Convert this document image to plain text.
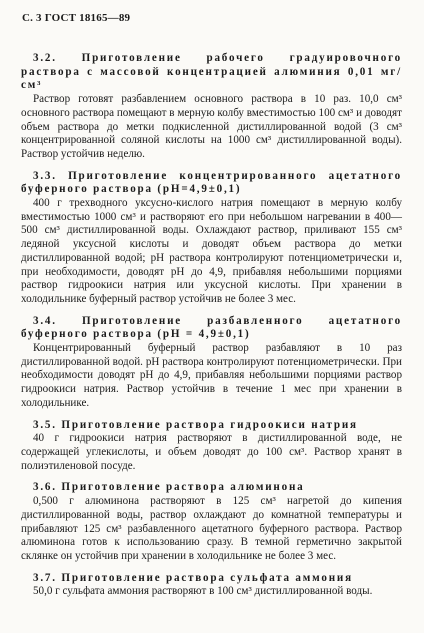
С. 3 ГОСТ 18165—89
3.2. Приготовление рабочего градуировочного раствора с массовой концентрацией алюминия 0,01 мг/см³

Раствор готовят разбавлением основного раствора в 10 раз. 10,0 см³ основного раствора помещают в мерную колбу вместимостью 100 см³ и доводят объем раствора до метки подкисленной дистиллированной водой (3 см³ концентрированной соляной кислоты на 1000 см³ дистиллированной воды). Раствор устойчив неделю.

3.3. Приготовление концентрированного ацетатного буферного раствора (pH=4,9±0,1)

400 г трехводного уксусно-кислого натрия помещают в мерную колбу вместимостью 1000 см³ и растворяют его при небольшом нагревании в 400—500 см³ дистиллированной воды. Охлаждают раствор, приливают 155 см³ ледяной уксусной кислоты и доводят объем раствора до метки дистиллированной водой; pH раствора контролируют потенциометрически и, при необходимости, доводят pH до 4,9, прибавляя небольшими порциями раствор гидроокиси натрия или уксусной кислоты. При хранении в холодильнике буферный раствор устойчив не более 3 мес.

3.4. Приготовление разбавленного ацетатного буферного раствора (pH = 4,9±0,1)

Концентрированный буферный раствор разбавляют в 10 раз дистиллированной водой. pH раствора контролируют потенциометрически. При необходимости доводят pH до 4,9, прибавляя небольшими порциями раствор гидроокиси натрия. Раствор устойчив в течение 1 мес при хранении в холодильнике.

3.5. Приготовление раствора гидроокиси натрия

40 г гидроокиси натрия растворяют в дистиллированной воде, не содержащей углекислоты, и объем доводят до 100 см³. Раствор хранят в полиэтиленовой посуде.

3.6. Приготовление раствора алюминона

0,500 г алюминона растворяют в 125 см³ нагретой до кипения дистиллированной воды, раствор охлаждают до комнатной температуры и прибавляют 125 см³ разбавленного ацетатного буферного раствора. Раствор алюминона готов к использованию сразу. В темной герметично закрытой склянке он устойчив при хранении в холодильнике не более 3 мес.

3.7. Приготовление раствора сульфата аммония

50,0 г сульфата аммония растворяют в 100 см³ дистиллированной воды.
